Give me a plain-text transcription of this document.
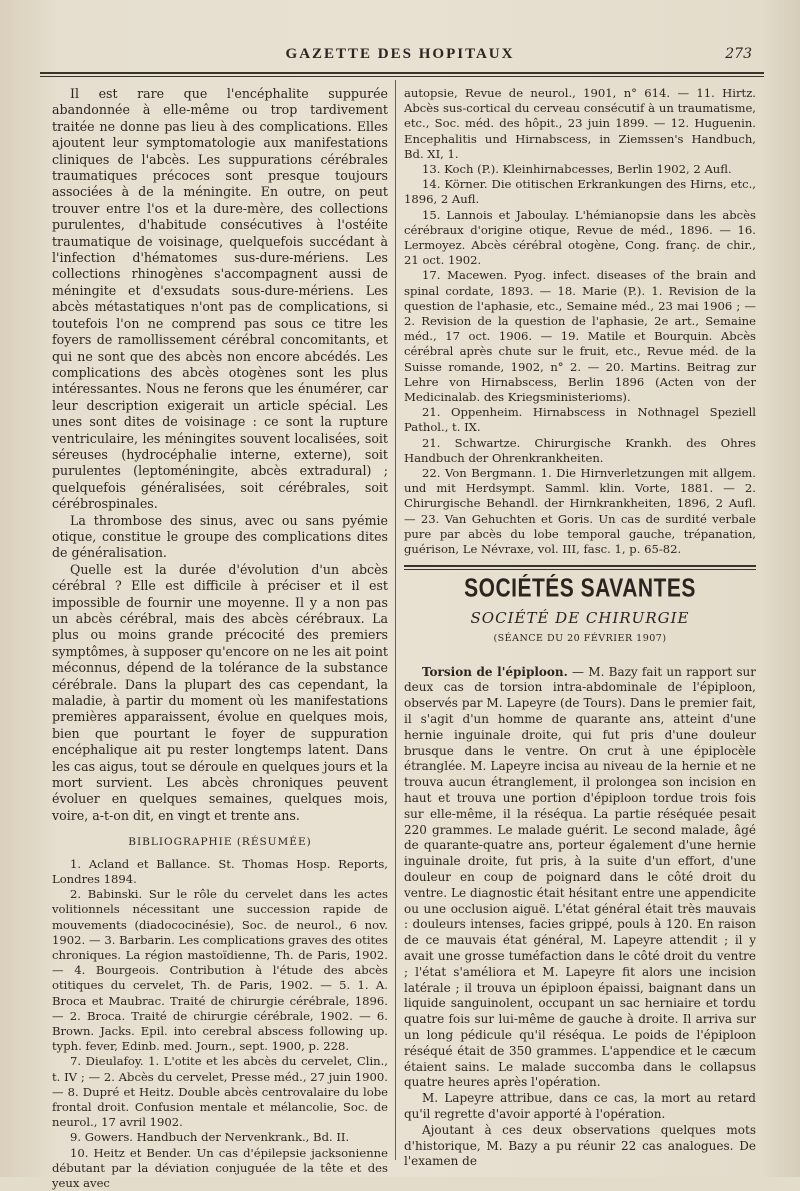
GAZETTE DES HOPITAUX	273

Il est rare que l'encéphalite suppurée abandonnée à elle-même ou trop tardivement traitée ne donne pas lieu à des complications. Elles ajoutent leur symptomatologie aux manifestations cliniques de l'abcès. Les suppurations cérébrales traumatiques précoces sont presque toujours associées à de la méningite. En outre, on peut trouver entre l'os et la dure-mère, des collections purulentes, d'habitude consécutives à l'ostéite traumatique de voisinage, quelquefois succédant à l'infection d'hématomes sus-dure-mériens. Les collections rhinogènes s'accompagnent aussi de méningite et d'exsudats sous-dure-mériens. Les abcès métastatiques n'ont pas de complications, si toutefois l'on ne comprend pas sous ce titre les foyers de ramollissement cérébral concomitants, et qui ne sont que des abcès non encore abcédés. Les complications des abcès otogènes sont les plus intéressantes. Nous ne ferons que les énumérer, car leur description exigerait un article spécial. Les unes sont dites de voisinage : ce sont la rupture ventriculaire, les méningites souvent localisées, soit séreuses (hydrocéphalie interne, externe), soit purulentes (leptoméningite, abcès extradural) ; quelquefois généralisées, soit cérébrales, soit cérébrospinales.

La thrombose des sinus, avec ou sans pyémie otique, constitue le groupe des complications dites de généralisation.

Quelle est la durée d'évolution d'un abcès cérébral ? Elle est difficile à préciser et il est impossible de fournir une moyenne. Il y a non pas un abcès cérébral, mais des abcès cérébraux. La plus ou moins grande précocité des premiers symptômes, à supposer qu'encore on ne les ait point méconnus, dépend de la tolérance de la substance cérébrale. Dans la plupart des cas cependant, la maladie, à partir du moment où les manifestations premières apparaissent, évolue en quelques mois, bien que pourtant le foyer de suppuration encéphalique ait pu rester longtemps latent. Dans les cas aigus, tout se déroule en quelques jours et la mort survient. Les abcès chroniques peuvent évoluer en quelques semaines, quelques mois, voire, a-t-on dit, en vingt et trente ans.

BIBLIOGRAPHIE (RÉSUMÉE)

1. Acland et Ballance. St. Thomas Hosp. Reports, Londres 1894.

2. Babinski. Sur le rôle du cervelet dans les actes volitionnels nécessitant une succession rapide de mouvements (diadococinésie), Soc. de neurol., 6 nov. 1902. — 3. Barbarin. Les complications graves des otites chroniques. La région mastoïdienne, Th. de Paris, 1902. — 4. Bourgeois. Contribution à l'étude des abcès otitiques du cervelet, Th. de Paris, 1902. — 5. 1. A. Broca et Maubrac. Traité de chirurgie cérébrale, 1896. — 2. Broca. Traité de chirurgie cérébrale, 1902. — 6. Brown. Jacks. Epil. into cerebral abscess following up. typh. fever, Edinb. med. Journ., sept. 1900, p. 228.

7. Dieulafoy. 1. L'otite et les abcès du cervelet, Clin., t. IV ; — 2. Abcès du cervelet, Presse méd., 27 juin 1900. — 8. Dupré et Heitz. Double abcès centrovalaire du lobe frontal droit. Confusion mentale et mélancolie, Soc. de neurol., 17 avril 1902.

9. Gowers. Handbuch der Nervenkrank., Bd. II.

10. Heitz et Bender. Un cas d'épilepsie jacksonienne débutant par la déviation conjuguée de la tête et des yeux avec

autopsie, Revue de neurol., 1901, n° 614. — 11. Hirtz. Abcès sus-cortical du cerveau consécutif à un traumatisme, etc., Soc. méd. des hôpit., 23 juin 1899. — 12. Huguenin. Encephalitis und Hirnabscess, in Ziemssen's Handbuch, Bd. XI, 1.

13. Koch (P.). Kleinhirnabcesses, Berlin 1902, 2 Aufl.

14. Körner. Die otitischen Erkrankungen des Hirns, etc., 1896, 2 Aufl.

15. Lannois et Jaboulay. L'hémianopsie dans les abcès cérébraux d'origine otique, Revue de méd., 1896. — 16. Lermoyez. Abcès cérébral otogène, Cong. franç. de chir., 21 oct. 1902.

17. Macewen. Pyog. infect. diseases of the brain and spinal cordate, 1893. — 18. Marie (P.). 1. Revision de la question de l'aphasie, etc., Semaine méd., 23 mai 1906 ; — 2. Revision de la question de l'aphasie, 2e art., Semaine méd., 17 oct. 1906. — 19. Matile et Bourquin. Abcès cérébral après chute sur le fruit, etc., Revue méd. de la Suisse romande, 1902, n° 2. — 20. Martins. Beitrag zur Lehre von Hirnabscess, Berlin 1896 (Acten von der Medicinalab. des Kriegsministerioms).

21. Oppenheim. Hirnabscess in Nothnagel Speziell Pathol., t. IX.

21. Schwartze. Chirurgische Krankh. des Ohres Handbuch der Ohrenkrankheiten.

22. Von Bergmann. 1. Die Hirnverletzungen mit allgem. und mit Herdsympt. Samml. klin. Vorte, 1881. — 2. Chirurgische Behandl. der Hirnkrankheiten, 1896, 2 Aufl. — 23. Van Gehuchten et Goris. Un cas de surdité verbale pure par abcès du lobe temporal gauche, trépanation, guérison, Le Névraxe, vol. III, fasc. 1, p. 65-82.

SOCIÉTÉS SAVANTES
SOCIÉTÉ DE CHIRURGIE
(SÉANCE DU 20 FÉVRIER 1907)

Torsion de l'épiploon. — M. Bazy fait un rapport sur deux cas de torsion intra-abdominale de l'épiploon, observés par M. Lapeyre (de Tours). Dans le premier fait, il s'agit d'un homme de quarante ans, atteint d'une hernie inguinale droite, qui fut pris d'une douleur brusque dans le ventre. On crut à une épiplocèle étranglée. M. Lapeyre incisa au niveau de la hernie et ne trouva aucun étranglement, il prolongea son incision en haut et trouva une portion d'épiploon tordue trois fois sur elle-même, il la réséqua. La partie réséquée pesait 220 grammes. Le malade guérit. Le second malade, âgé de quarante-quatre ans, porteur également d'une hernie inguinale droite, fut pris, à la suite d'un effort, d'une douleur en coup de poignard dans le côté droit du ventre. Le diagnostic était hésitant entre une appendicite ou une occlusion aiguë. L'état général était très mauvais : douleurs intenses, facies grippé, pouls à 120. En raison de ce mauvais état général, M. Lapeyre attendit ; il y avait une grosse tuméfaction dans le côté droit du ventre ; l'état s'améliora et M. Lapeyre fit alors une incision latérale ; il trouva un épiploon épaissi, baignant dans un liquide sanguinolent, occupant un sac herniaire et tordu quatre fois sur lui-même de gauche à droite. Il arriva sur un long pédicule qu'il réséqua. Le poids de l'épiploon réséqué était de 350 grammes. L'appendice et le cæcum étaient sains. Le malade succomba dans le collapsus quatre heures après l'opération.

M. Lapeyre attribue, dans ce cas, la mort au retard qu'il regrette d'avoir apporté à l'opération.

Ajoutant à ces deux observations quelques mots d'historique, M. Bazy a pu réunir 22 cas analogues. De l'examen de
